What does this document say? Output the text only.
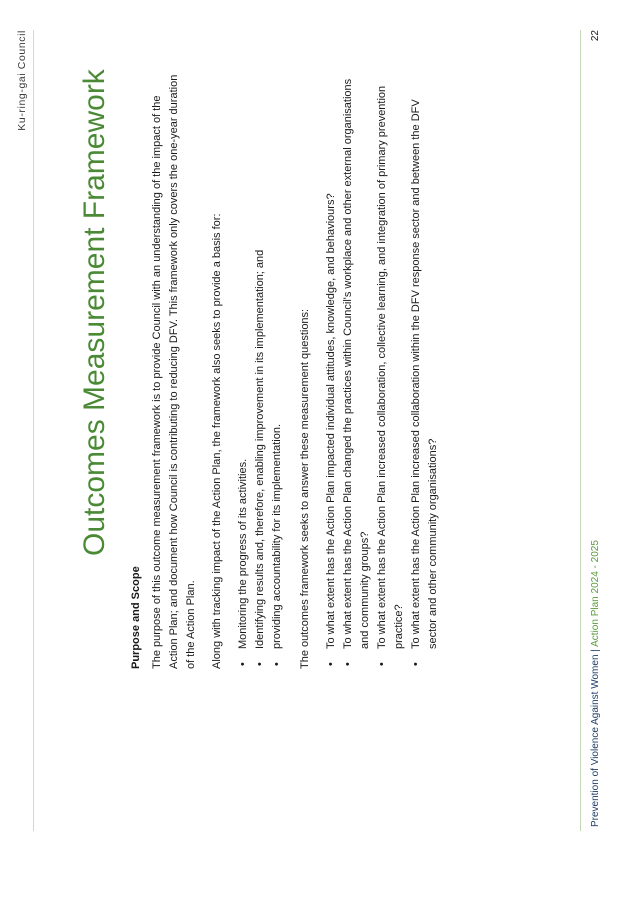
Ku-ring-gai Council Outcomes Measurement Framework
Purpose and Scope The purpose of this outcome measurement framework is to provide Council with an understanding of the impact of the Action Plan; and document how Council is contributing to reducing DFV. This framework only covers the one-year duration of the Action Plan. Along with tracking impact of the Action Plan, the framework also seeks to provide a basis for: •
Monitoring the progress of its activities.
•
Identifying results and, therefore, enabling improvement in its implementation; and
•
providing accountability for its implementation. The outcomes framework seeks to answer these measurement questions: •
To what extent has the Action Plan impacted individual attitudes, knowledge, and behaviours?
•
To what extent has the Action Plan changed the practices within Council's workplace and other external organisations and community groups?
•
To what extent has the Action Plan increased collaboration, collective learning, and integration of primary prevention practice?
•
To what extent has the Action Plan increased collaboration within the DFV response sector and between the DFV sector and other community organisations?
Prevention of Violence Against Women | Action Plan 2024 - 2025
22
